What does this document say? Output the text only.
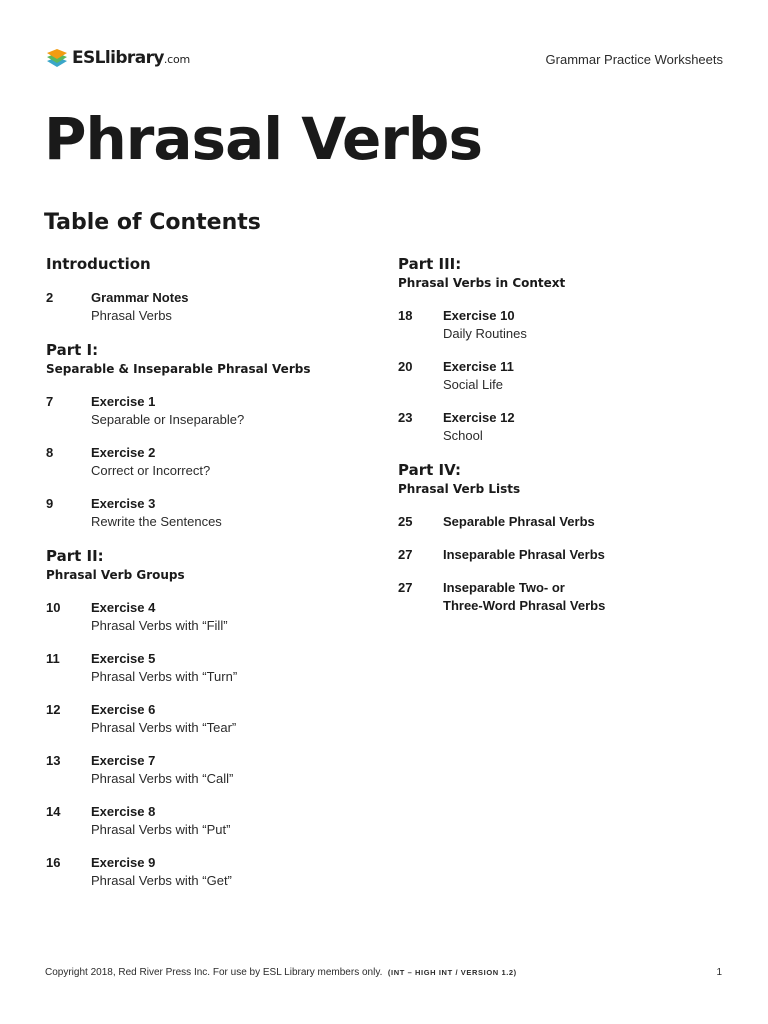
ESLlibrary.com	Grammar Practice Worksheets
Phrasal Verbs
Table of Contents
Introduction
2	Grammar Notes
Phrasal Verbs
Part I:
Separable & Inseparable Phrasal Verbs
7	Exercise 1
Separable or Inseparable?
8	Exercise 2
Correct or Incorrect?
9	Exercise 3
Rewrite the Sentences
Part II:
Phrasal Verb Groups
10	Exercise 4
Phrasal Verbs with “Fill”
11	Exercise 5
Phrasal Verbs with “Turn”
12	Exercise 6
Phrasal Verbs with “Tear”
13	Exercise 7
Phrasal Verbs with “Call”
14	Exercise 8
Phrasal Verbs with “Put”
16	Exercise 9
Phrasal Verbs with “Get”
Part III:
Phrasal Verbs in Context
18	Exercise 10
Daily Routines
20	Exercise 11
Social Life
23	Exercise 12
School
Part IV:
Phrasal Verb Lists
25	Separable Phrasal Verbs
27	Inseparable Phrasal Verbs
27	Inseparable Two- or
Three-Word Phrasal Verbs
Copyright 2018, Red River Press Inc. For use by ESL Library members only. (INT – HIGH INT / VERSION 1.2)	1
